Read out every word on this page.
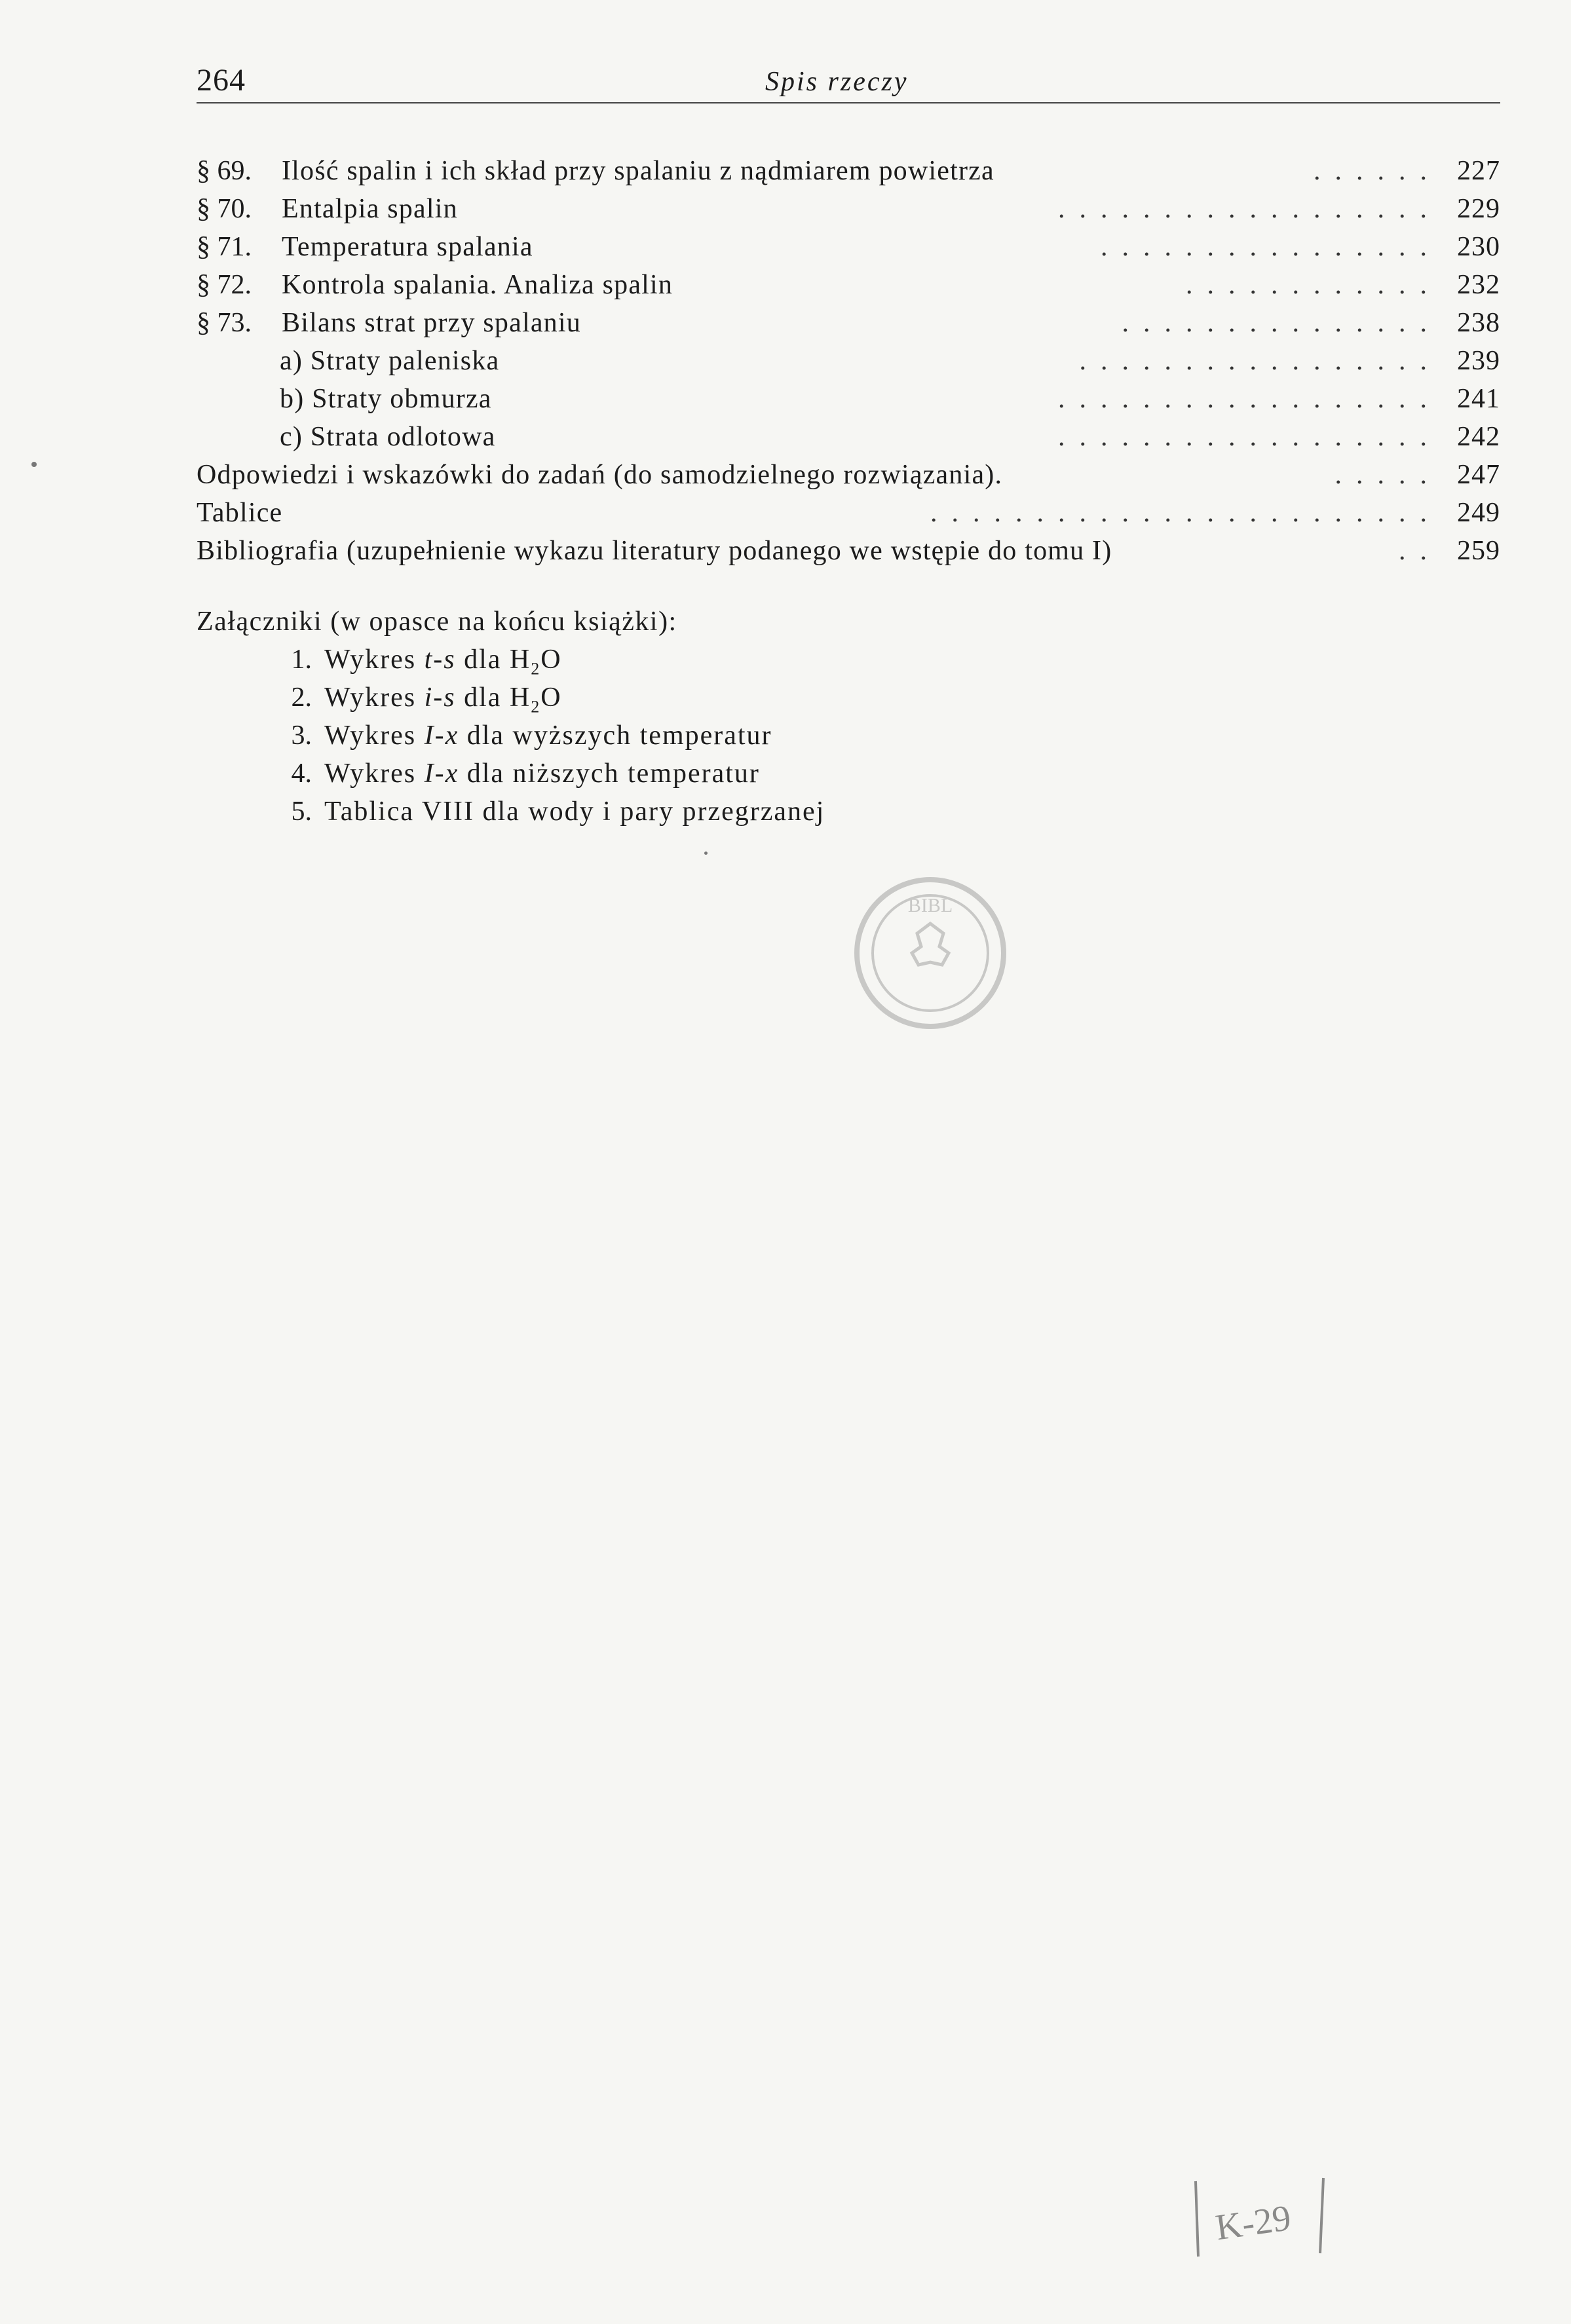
264	Spis rzeczy
§ 69. Ilość spalin i ich skład przy spalaniu z nądmiarem powietrza	...... 227
§ 70. Entalpia spalin	.................. 229
§ 71. Temperatura spalania	................ 230
§ 72. Kontrola spalania. Analiza spalin	............ 232
§ 73. Bilans strat przy spalaniu	............... 238
a) Straty paleniska	................. 239
b) Straty obmurza	.................. 241
c) Strata odlotowa	.................. 242
Odpowiedzi i wskazówki do zadań (do samodzielnego rozwiązania).	..... 247
Tablice	........................ 249
Bibliografia (uzupełnienie wykazu literatury podanego we wstępie do tomu I)	.. 259
Załączniki (w opasce na końcu książki):
1. Wykres t-s dla $H_2O$
2. Wykres i-s dla $H_2O$
3. Wykres I-x dla wyższych temperatur
4. Wykres I-x dla niższych temperatur
5. Tablica VIII dla wody i pary przegrzanej
BIBL
K-29
